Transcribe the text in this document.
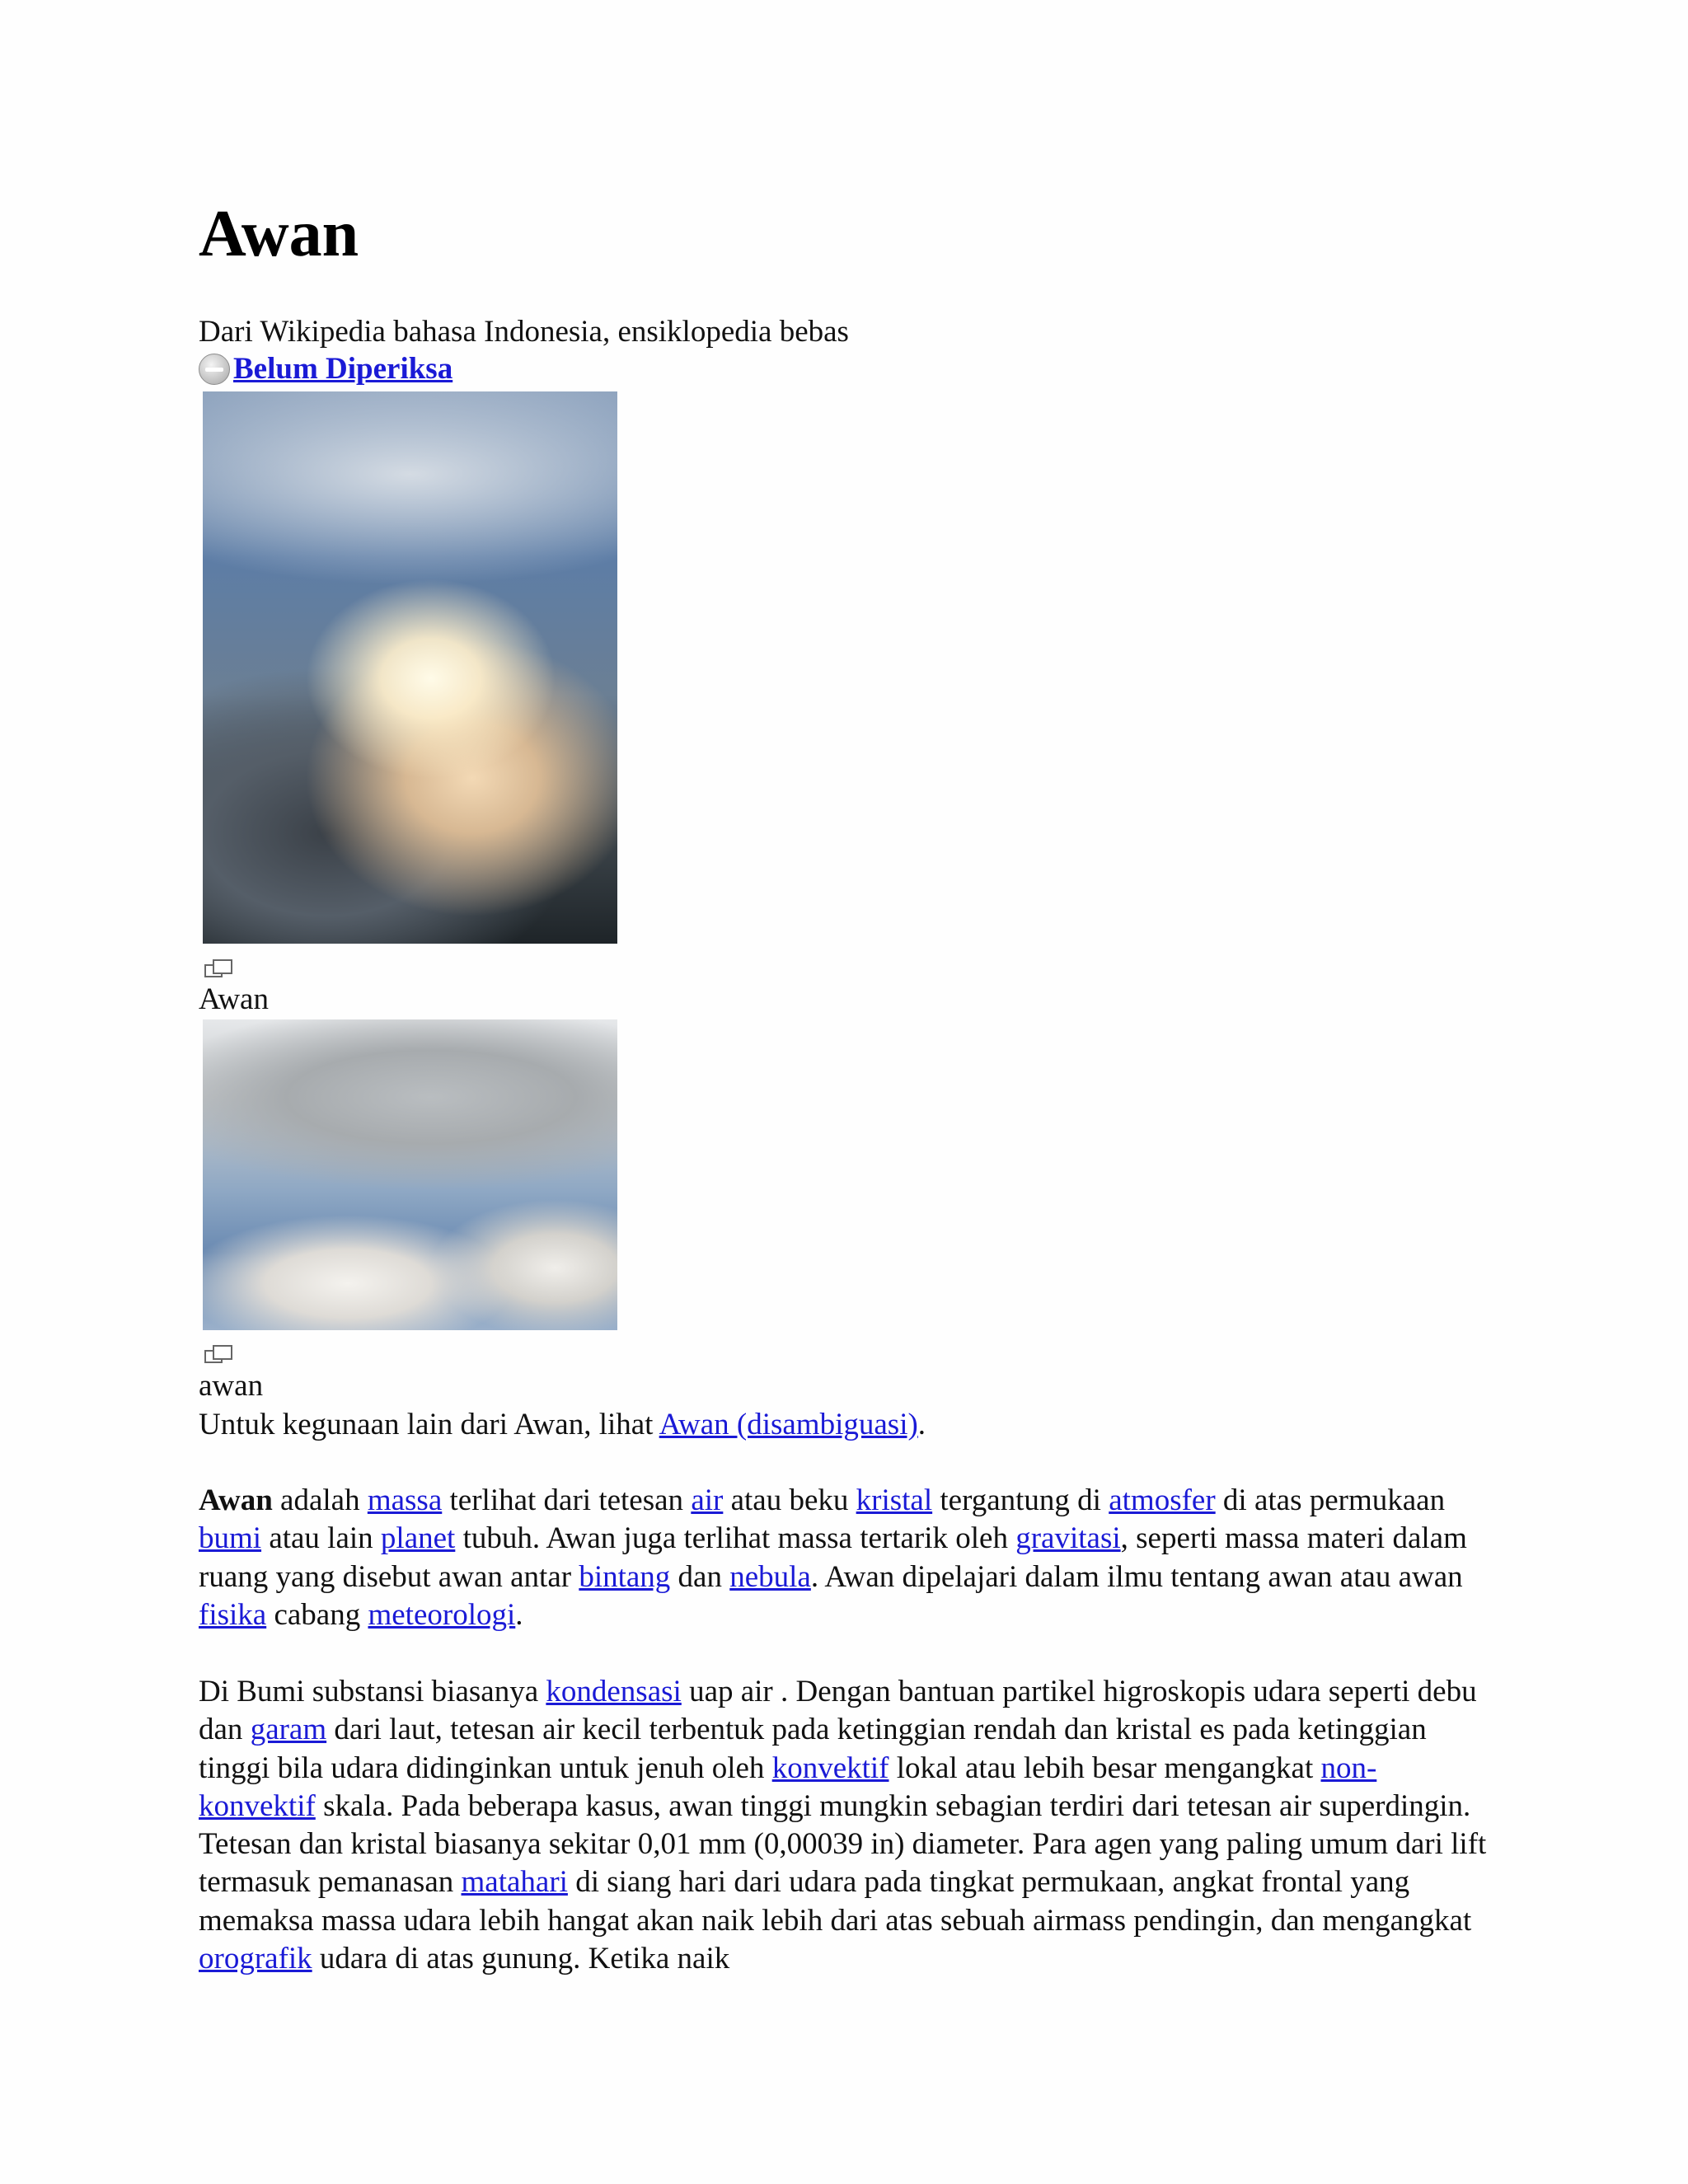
Awan
Dari Wikipedia bahasa Indonesia, ensiklopedia bebas
Belum Diperiksa
Awan
awan
Untuk kegunaan lain dari Awan, lihat Awan (disambiguasi).

Awan adalah massa terlihat dari tetesan air atau beku kristal tergantung di atmosfer di atas permukaan bumi atau lain planet tubuh. Awan juga terlihat massa tertarik oleh gravitasi, seperti massa materi dalam ruang yang disebut awan antar bintang dan nebula. Awan dipelajari dalam ilmu tentang awan atau awan fisika cabang meteorologi.

Di Bumi substansi biasanya kondensasi uap air . Dengan bantuan partikel higroskopis udara seperti debu dan garam dari laut, tetesan air kecil terbentuk pada ketinggian rendah dan kristal es pada ketinggian tinggi bila udara didinginkan untuk jenuh oleh konvektif lokal atau lebih besar mengangkat non-konvektif skala. Pada beberapa kasus, awan tinggi mungkin sebagian terdiri dari tetesan air superdingin. Tetesan dan kristal biasanya sekitar 0,01 mm (0,00039 in) diameter. Para agen yang paling umum dari lift termasuk pemanasan matahari di siang hari dari udara pada tingkat permukaan, angkat frontal yang memaksa massa udara lebih hangat akan naik lebih dari atas sebuah airmass pendingin, dan mengangkat orografik udara di atas gunung. Ketika naik
